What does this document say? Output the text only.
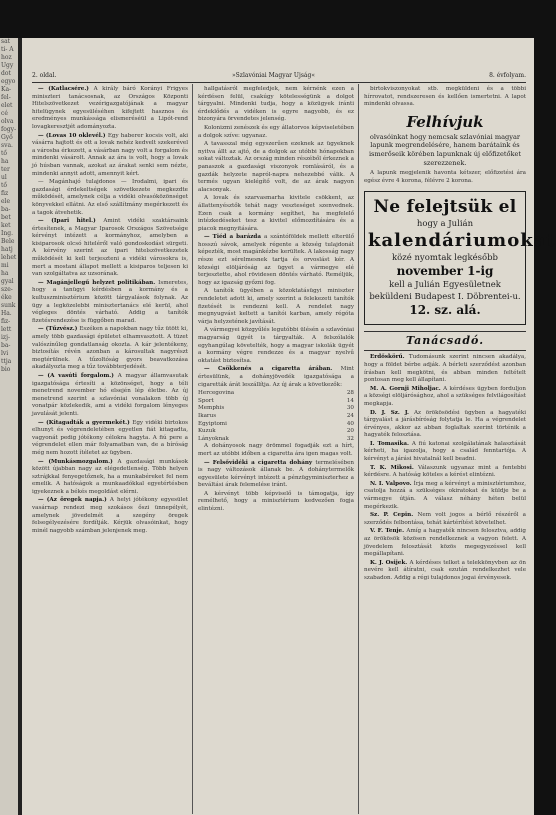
sat
ti- A
hoz
Ugy
dot
egyo
Ka-
fel-
elet
cé
olva
fogy-
Győ
sva.
tő
ha
ter
ul
tő
fiz
ele
ba-
bet
ket
Ing.
Bele
hatj
lehet
mi
ha
gyal
sze-
éke
sunk
Ha.
fiz-
lett
izj-
ba-
lvi
ttja
bio
2. oldal.	»Szlavóniai Magyar Ujság«	8. évfolyam.

— (Katlacsére.) A király báró Korányi Frigyes miniszteri tanácsosnak, az Országos Központi Hitelszövetkezet vezérigazgatójának a magyar hitelügynek egyesüléséhen kifejtett hasznos és eredményes munkássága elismeréséül a Lipót-rend lovagkeresztjét adományozta.

— (Lovas 10 oklevél.) Egy haberer kocsis volt, aki vásárra hajtott és ott a lovak nehéz kedvelt szekerével a városba érkezett, a vásárban nagy volt a forgalom és mindenki vásárolt. Annak az ára is volt, hogy a lovak jó húsban vannak, azokat az árakat senki sem nézte, mindenki annyit adott, amennyit kért.

— Magánhajó tulajdonos — Irodalmi, ipari és gazdasági érdekeltségek szövetkezete megkezdte működését, amelynek célja a vidéki olvasóközönséget könyvekkel ellátni. Az első szállítmány megérkezett és a tagok átvehetik.

— (Ipari hitel.) Amint vidéki szaktársaink értesítenek, a Magyar Iparosok Országos Szövetsége kérvényt intézett a kormányhoz, amelyben a kisiparosok olcsó hiteléről való gondoskodást sürgeti. A kérvény szerint az ipari hitelszövetkezetek működését ki kell terjeszteni a vidéki városokra is, mert a mostani állapot mellett a kisiparos teljesen ki van szolgáltatva az uzsorának.

— Magánjellegű helyzet politikában. Ismeretes, hogy a tanügyi kérdésben a kormány és a kultuszminisztérium között tárgyalások folynak. Az ügy a legközelebbi minisztertanács elé kerül, ahol végleges döntés várható. Addig a tanítók fizetésrendezése is függőben marad.

— (Tűzvész.) Eszéken a napokban nagy tűz ütött ki, amely több gazdasági épületet elhamvasztott. A tüzet valószínűleg gondatlanság okozta. A kár jelentékeny, biztosítás révén azonban a károsultak nagyrészt megtérülnek. A tűzoltóság gyors beavatkozása akadályozta meg a tűz továbbterjedését.

— (A vasúti forgalom.) A magyar államvasutak igazgatósága értesíti a közönséget, hogy a téli menetrend november hó elsején lép életbe. Az új menetrend szerint a szlavóniai vonalakon több új vonatpár közlekedik, ami a vidéki forgalom lényeges javulását jelenti.

— (Kitagadták a gyermekét.) Egy vidéki birtokos elhunyt és végrendeletében egyetlen fiát kitagadta, vagyonát pedig jótékony célokra hagyta. A fiú pere a végrendelet ellen már folyamatban van, de a bíróság még nem hozott ítéletet az ügyben.

— (Munkásmozgalom.) A gazdasági munkások között újabban nagy az elégedetlenség. Több helyen sztrájkkal fenyegetőznek, ha a munkabéreket fel nem emelik. A hatóságok a munkaadókkal egyetértésben igyekeznek a békés megoldást elérni.

— (Az öregek napja.) A helyi jótékony egyesület vasárnap rendezi meg szokásos őszi ünnepélyét, amelynek jövedelmét a szegény öregek felsegélyezésére fordítják. Kérjük olvasóinkat, hogy minél nagyobb számban jelenjenek meg.

hallgatásról megfeledjek, nem kérnénk ezen a kérdésen felül, csakúgy kötelességünk a dolgot tárgyalni. Mindenki tudja, hogy a közügyek iránti érdeklődés a vidéken is egyre nagyobb, és ez bizonyára örvendetes jelenség.

Kolonizmi zenészek és egy állatorvos képviseletében a dolgok szíve: ugyanaz.

A tavasszal még egyszerűen ezeknek az ügyeknek nyitva állt az ajtó, de a dolgok az utóbbi hónapokban sokat változtak. Az ország minden részéből érkeznek a panaszok a gazdasági viszonyok romlásáról, és a gazdák helyzete napról-napra nehezebbé válik. A termés ugyan kielégítő volt, de az árak nagyon alacsonyak.

A lovak és szarvasmarha kivitele csökkent, az állattenyésztők tehát nagy veszteséget szenvednek. Ezen csak a kormány segíthet, ha megfelelő intézkedéseket tesz a kivitel előmozdítására és a piacok megnyitására.

— Tiéd a barázda a szántóföldek mellett elterülő hosszú sávok, amelyek régente a község tulajdonát képezték, most magánkézbe kerültek. A lakosság nagy része ezt sérelmesnek tartja és orvoslást kér. A községi elöljáróság az ügyet a vármegye elé terjesztette, ahol rövidesen döntés várható. Reméljük, hogy az igazság győzni fog.

A tanítók ügyében a közoktatásügyi miniszter rendeletet adott ki, amely szerint a felekezeti tanítók fizetését is rendezni kell. A rendelet nagy megnyugvást keltett a tanítói karban, amely régóta várja helyzetének javítását.

A vármegyei közgyűlés legutóbbi ülésén a szlavóniai magyarság ügyét is tárgyalták. A felszólalók egyhangúlag követelték, hogy a magyar iskolák ügyét a kormány végre rendezze és a magyar nyelvű oktatást biztosítsa.

— Csökkenés a cigaretta árában. Mint értesülünk, a dohányjövedék igazgatósága a cigaretták árát leszállítja. Az új árak a következők:

Hercegovina	28
Sport	14
Memphis	30
Ikarus	24
Egyiptomi	40
Kuzuk	20
Lányoknak	32

A dohányosok nagy örömmel fogadják ezt a hírt, mert az utóbbi időben a cigaretta ára igen magas volt.

— Felsővidéki a cigaretta dohány termelésében is nagy változások állanak be. A dohánytermelők egyesülete kérvényt intézett a pénzügyminiszterhez a beváltási árak felemelése iránt.

A kérvényt több képviselő is támogatja, így remélhető, hogy a minisztérium kedvezően fogja elintézni.

birtokviszonyokat stb. megküldeni és a többi hírrovatot, rendszeresen és kellően ismertetni. A lapot mindenki olvassa.

Felhívjuk
olvasóinkat hogy nemcsak szlavóniai magyar lapunk megrendelésére, hanem barátaink és ismerőseik körében lapunknak új előfizetőket szerezzenek.

A lapunk megjelenik havonta kétszer, előfizetési ára egész évre 4 korona, félévre 2 korona.

Ne felejtsük el
hogy a Julián
kalendáriumokat
közé nyomtak legkésőbb
november 1-ig
kell a Julián Egyesületnek beküldeni Budapest I. Döbrentei-u.
12. sz. alá.
Tanácsadó.

Erdőskörű. Tudomásunk szerint nincsen akadálya, hogy a földet bérbe adják. A bérleti szerződést azonban írásban kell megkötni, és abban minden feltételt pontosan meg kell állapítani.

M. A. Gornji Miholjac. A kérdéses ügyben forduljon a községi elöljárósághoz, ahol a szükséges felvilágosítást megkapja.

D. J. Sz. J. Az örökösödési ügyben a hagyatéki tárgyalást a járásbíróság folytatja le. Ha a végrendelet érvényes, akkor az abban foglaltak szerint történik a hagyaték felosztása.

I. Tomasika. A fiú katonai szolgálatának halasztását kérheti, ha igazolja, hogy a család fenntartója. A kérvényt a járási hivatalnál kell beadni.

T. K. Mikosi. Válaszunk ugyanaz mint a fentebbi kérdésre. A hatóság köteles a kérést elintézni.

N. I. Valpovo. Írja meg a kérvényt a minisztériumhoz, csatolja hozzá a szükséges okiratokat és küldje be a vármegye útján. A válasz néhány héten belül megérkezik.

Sz. P. Cepin. Nem volt jogos a bérlő részéről a szerződés felbontása, tehát kártérítést követelhet.

V. F. Tenje. Amíg a hagyaték nincsen felosztva, addig az örökösök közösen rendelkeznek a vagyon felett. A jövedelem felosztását közös megegyezéssel kell megállapítani.

K. J. Osijek. A kérdéses telket a telekkönyvben az ön nevére kell átíratni, csak ezután rendelkezhet vele szabadon. Addig a régi tulajdonos jogai érvényesek.
